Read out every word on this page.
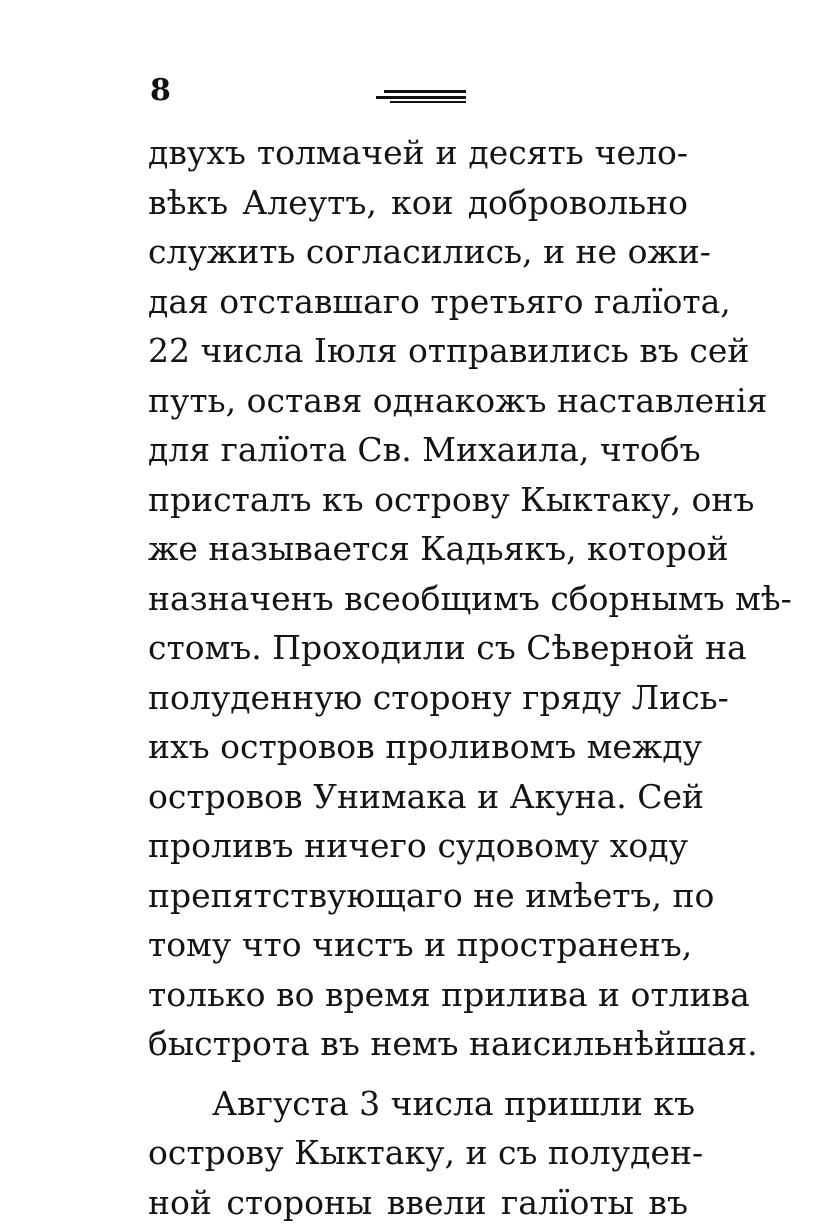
8
двухъ толмачей и десять чело-
вѣкъ Алеутъ, кои добровольно
служить согласились, и не ожи-
дая отставшаго третьяго галïота,
22 числа Iюля отправились въ сей
путь, оставя однакожъ наставленiя
для галïота Св. Михаила, чтобъ
присталъ къ острову Кыктаку, онъ
же называется Кадьякъ, которой
назначенъ всеобщимъ сборнымъ мѣ-
стомъ. Проходили съ Сѣверной на
полуденную сторону гряду Лись-
ихъ островов проливомъ между
островов Унимака и Акуна. Сей
проливъ ничего судовому ходу
препятствующаго не имѣетъ, по
тому что чистъ и пространенъ,
только во время прилива и отлива
быстрота въ немъ наисильнѣйшая.
Августа 3 числа пришли къ
острову Кыктаку, и съ полуден-
ной стороны ввели галïоты въ
